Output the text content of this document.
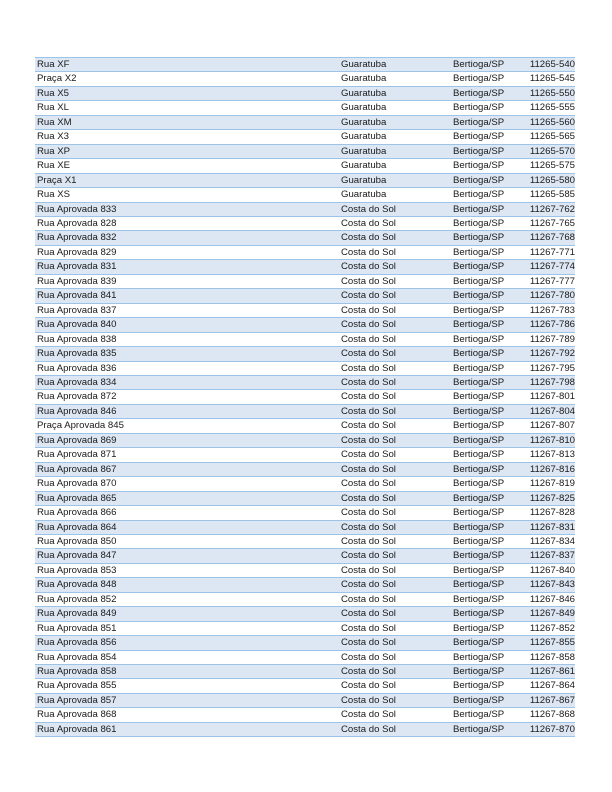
Rua XF	Guaratuba	Bertioga/SP	11265-540
Praça X2	Guaratuba	Bertioga/SP	11265-545
Rua X5	Guaratuba	Bertioga/SP	11265-550
Rua XL	Guaratuba	Bertioga/SP	11265-555
Rua XM	Guaratuba	Bertioga/SP	11265-560
Rua X3	Guaratuba	Bertioga/SP	11265-565
Rua XP	Guaratuba	Bertioga/SP	11265-570
Rua XE	Guaratuba	Bertioga/SP	11265-575
Praça X1	Guaratuba	Bertioga/SP	11265-580
Rua XS	Guaratuba	Bertioga/SP	11265-585
Rua Aprovada 833	Costa do Sol	Bertioga/SP	11267-762
Rua Aprovada 828	Costa do Sol	Bertioga/SP	11267-765
Rua Aprovada 832	Costa do Sol	Bertioga/SP	11267-768
Rua Aprovada 829	Costa do Sol	Bertioga/SP	11267-771
Rua Aprovada 831	Costa do Sol	Bertioga/SP	11267-774
Rua Aprovada 839	Costa do Sol	Bertioga/SP	11267-777
Rua Aprovada 841	Costa do Sol	Bertioga/SP	11267-780
Rua Aprovada 837	Costa do Sol	Bertioga/SP	11267-783
Rua Aprovada 840	Costa do Sol	Bertioga/SP	11267-786
Rua Aprovada 838	Costa do Sol	Bertioga/SP	11267-789
Rua Aprovada 835	Costa do Sol	Bertioga/SP	11267-792
Rua Aprovada 836	Costa do Sol	Bertioga/SP	11267-795
Rua Aprovada 834	Costa do Sol	Bertioga/SP	11267-798
Rua Aprovada 872	Costa do Sol	Bertioga/SP	11267-801
Rua Aprovada 846	Costa do Sol	Bertioga/SP	11267-804
Praça Aprovada 845	Costa do Sol	Bertioga/SP	11267-807
Rua Aprovada 869	Costa do Sol	Bertioga/SP	11267-810
Rua Aprovada 871	Costa do Sol	Bertioga/SP	11267-813
Rua Aprovada 867	Costa do Sol	Bertioga/SP	11267-816
Rua Aprovada 870	Costa do Sol	Bertioga/SP	11267-819
Rua Aprovada 865	Costa do Sol	Bertioga/SP	11267-825
Rua Aprovada 866	Costa do Sol	Bertioga/SP	11267-828
Rua Aprovada 864	Costa do Sol	Bertioga/SP	11267-831
Rua Aprovada 850	Costa do Sol	Bertioga/SP	11267-834
Rua Aprovada 847	Costa do Sol	Bertioga/SP	11267-837
Rua Aprovada 853	Costa do Sol	Bertioga/SP	11267-840
Rua Aprovada 848	Costa do Sol	Bertioga/SP	11267-843
Rua Aprovada 852	Costa do Sol	Bertioga/SP	11267-846
Rua Aprovada 849	Costa do Sol	Bertioga/SP	11267-849
Rua Aprovada 851	Costa do Sol	Bertioga/SP	11267-852
Rua Aprovada 856	Costa do Sol	Bertioga/SP	11267-855
Rua Aprovada 854	Costa do Sol	Bertioga/SP	11267-858
Rua Aprovada 858	Costa do Sol	Bertioga/SP	11267-861
Rua Aprovada 855	Costa do Sol	Bertioga/SP	11267-864
Rua Aprovada 857	Costa do Sol	Bertioga/SP	11267-867
Rua Aprovada 868	Costa do Sol	Bertioga/SP	11267-868
Rua Aprovada 861	Costa do Sol	Bertioga/SP	11267-870
